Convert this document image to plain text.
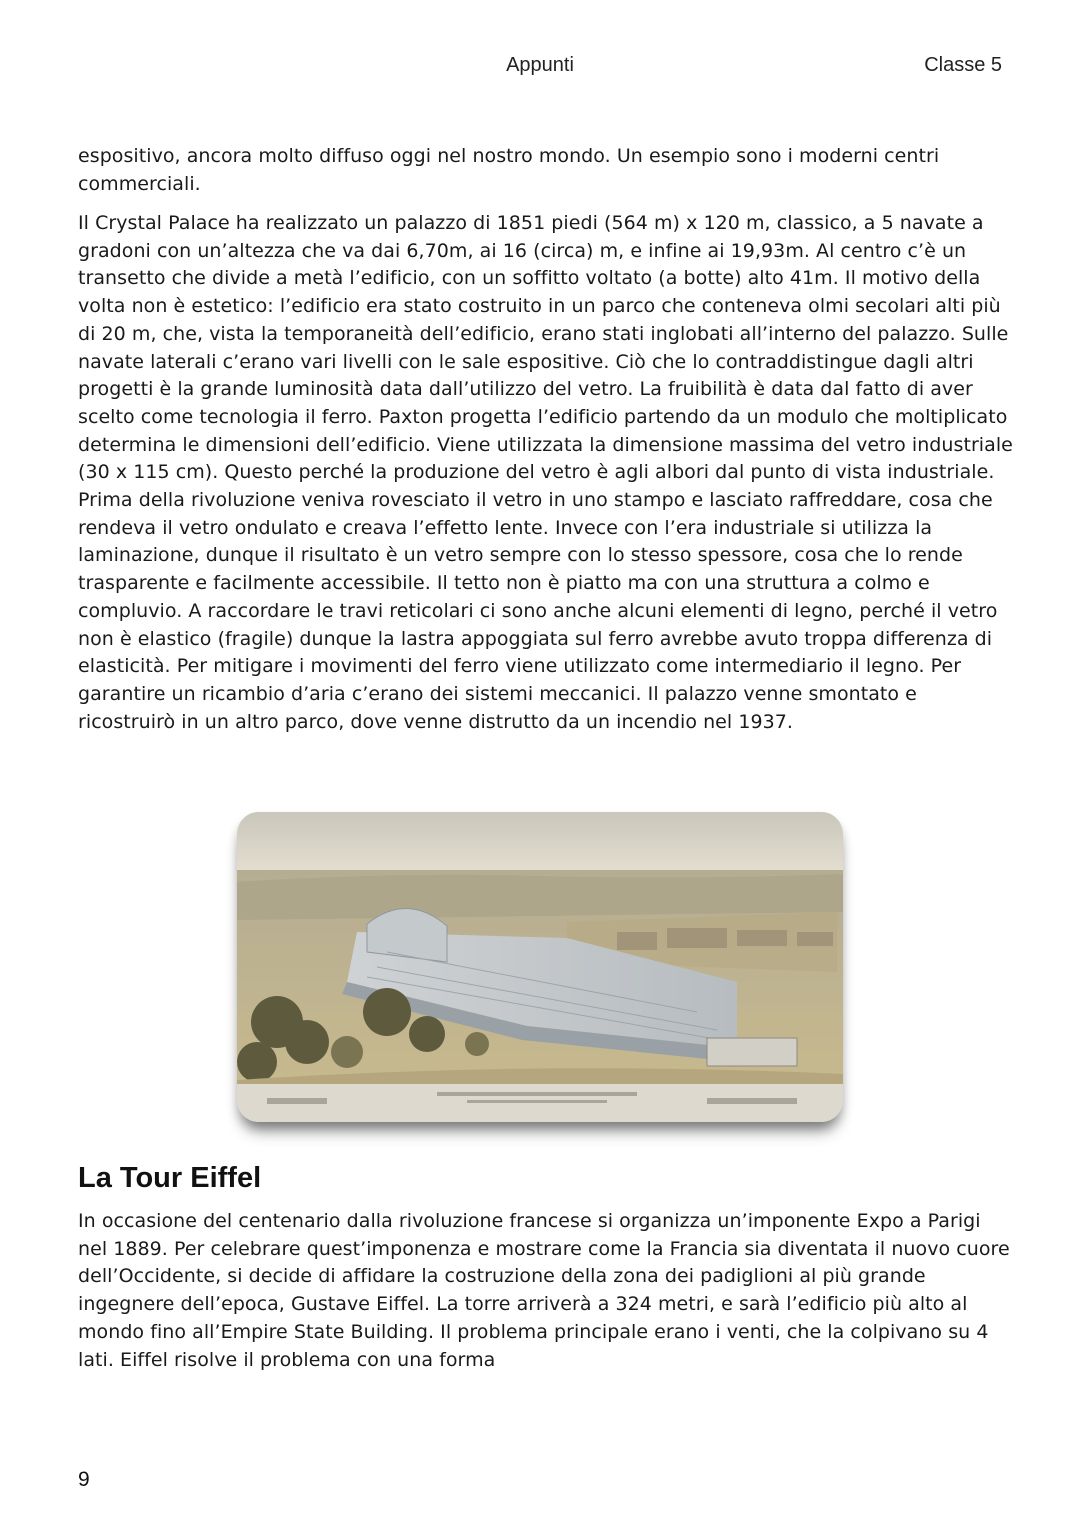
Appunti	Classe 5

espositivo, ancora molto diffuso oggi nel nostro mondo. Un esempio sono i moderni centri commerciali.

Il Crystal Palace ha realizzato un palazzo di 1851 piedi (564 m) x 120 m, classico, a 5 navate a gradoni con un’altezza che va dai 6,70m, ai 16 (circa) m, e infine ai 19,93m. Al centro c’è un transetto che divide a metà l’edificio, con un soffitto voltato (a botte) alto 41m. Il motivo della volta non è estetico: l’edificio era stato costruito in un parco che conteneva olmi secolari alti più di 20 m, che, vista la temporaneità dell’edificio, erano stati inglobati all’interno del palazzo. Sulle navate laterali c’erano vari livelli con le sale espositive. Ciò che lo contraddistingue dagli altri progetti è la grande luminosità data dall’utilizzo del vetro. La fruibilità è data dal fatto di aver scelto come tecnologia il ferro. Paxton progetta l’edificio partendo da un modulo che moltiplicato determina le dimensioni dell’edificio. Viene utilizzata la dimensione massima del vetro industriale (30 x 115 cm). Questo perché la produzione del vetro è agli albori dal punto di vista industriale. Prima della rivoluzione veniva rovesciato il vetro in uno stampo e lasciato raffreddare, cosa che rendeva il vetro ondulato e creava l’effetto lente. Invece con l’era industriale si utilizza la laminazione, dunque il risultato è un vetro sempre con lo stesso spessore, cosa che lo rende trasparente e facilmente accessibile. Il tetto non è piatto ma con una struttura a colmo e compluvio. A raccordare le travi reticolari ci sono anche alcuni elementi di legno, perché il vetro non è elastico (fragile) dunque la lastra appoggiata sul ferro avrebbe avuto troppa differenza di elasticità. Per mitigare i movimenti del ferro viene utilizzato come intermediario il legno. Per garantire un ricambio d’aria c’erano dei sistemi meccanici. Il palazzo venne smontato e ricostruirò in un altro parco, dove venne distrutto da un incendio nel 1937.

La Tour Eiffel

In occasione del centenario dalla rivoluzione francese si organizza un’imponente Expo a Parigi nel 1889. Per celebrare quest’imponenza e mostrare come la Francia sia diventata il nuovo cuore dell’Occidente, si decide di affidare la costruzione della zona dei padiglioni al più grande ingegnere dell’epoca, Gustave Eiffel. La torre arriverà a 324 metri, e sarà l’edificio più alto al mondo fino all’Empire State Building. Il problema principale erano i venti, che la colpivano su 4 lati. Eiffel risolve il problema con una forma

9
